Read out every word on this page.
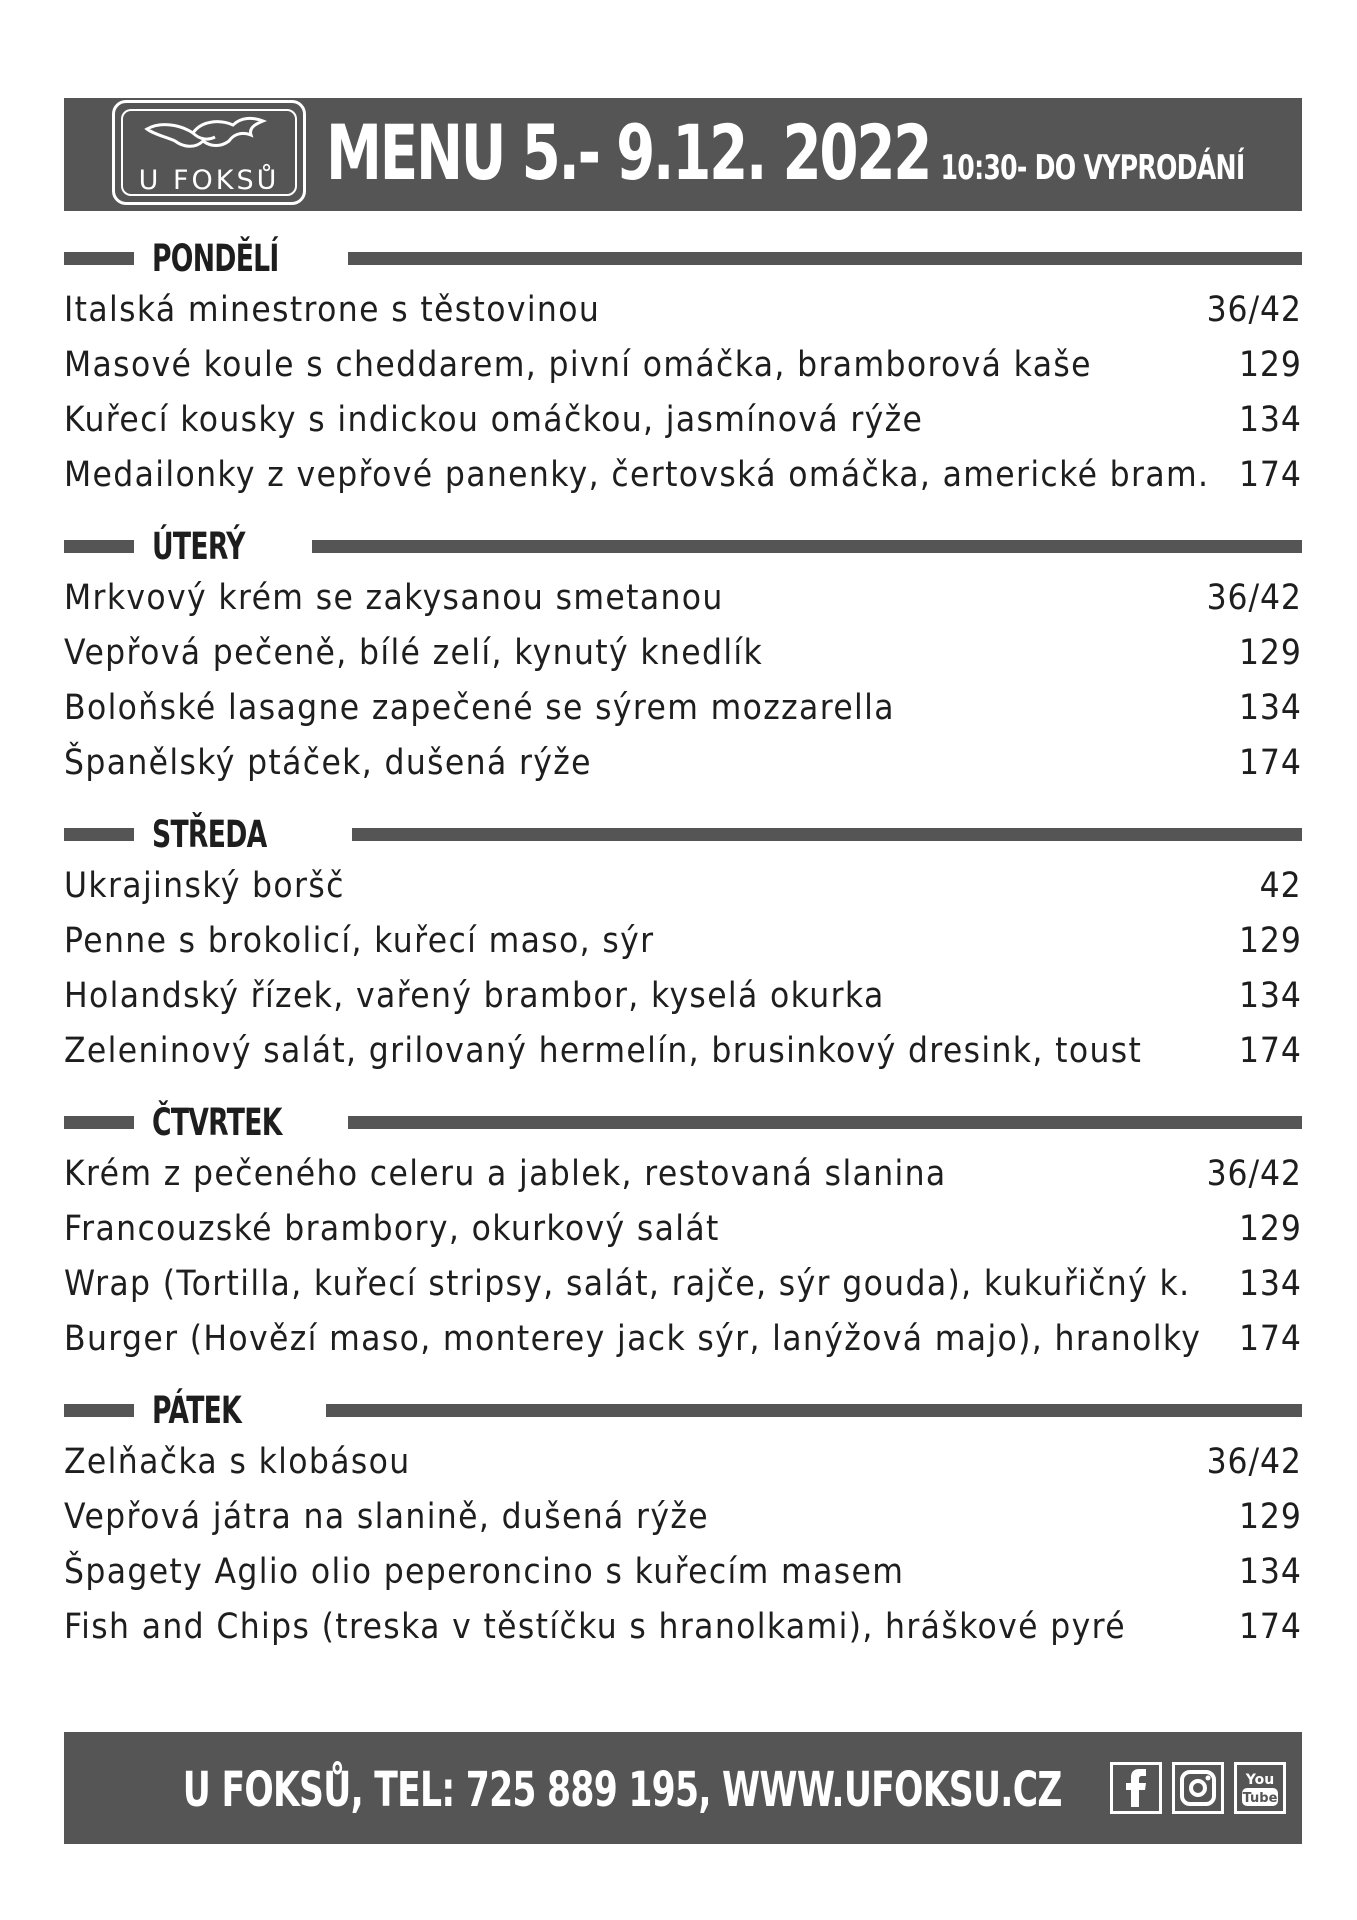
U FOKSŮ MENU 5.- 9.12. 2022 10:30- DO VYPRODÁNÍ
PONDĚLÍ
Italská minestrone s těstovinou	36/42
Masové koule s cheddarem, pivní omáčka, bramborová kaše	129
Kuřecí kousky s indickou omáčkou, jasmínová rýže	134
Medailonky z vepřové panenky, čertovská omáčka, americké bram. 174
ÚTERÝ
Mrkvový krém se zakysanou smetanou	36/42
Vepřová pečeně, bílé zelí, kynutý knedlík	129
Boloňské lasagne zapečené se sýrem mozzarella	134
Španělský ptáček, dušená rýže	174
STŘEDA
Ukrajinský boršč	42
Penne s brokolicí, kuřecí maso, sýr	129
Holandský řízek, vařený brambor, kyselá okurka	134
Zeleninový salát, grilovaný hermelín, brusinkový dresink, toust	174
ČTVRTEK
Krém z pečeného celeru a jablek, restovaná slanina	36/42
Francouzské brambory, okurkový salát	129
Wrap (Tortilla, kuřecí stripsy, salát, rajče, sýr gouda), kukuřičný k. 134
Burger (Hovězí maso, monterey jack sýr, lanýžová majo), hranolky 174
PÁTEK
Zelňačka s klobásou	36/42
Vepřová játra na slanině, dušená rýže	129
Špagety Aglio olio peperoncino s kuřecím masem	134
Fish and Chips (treska v těstíčku s hranolkami), hráškové pyré	174
U FOKSŮ, TEL: 725 889 195, WWW.UFOKSU.CZ	You
Tube
